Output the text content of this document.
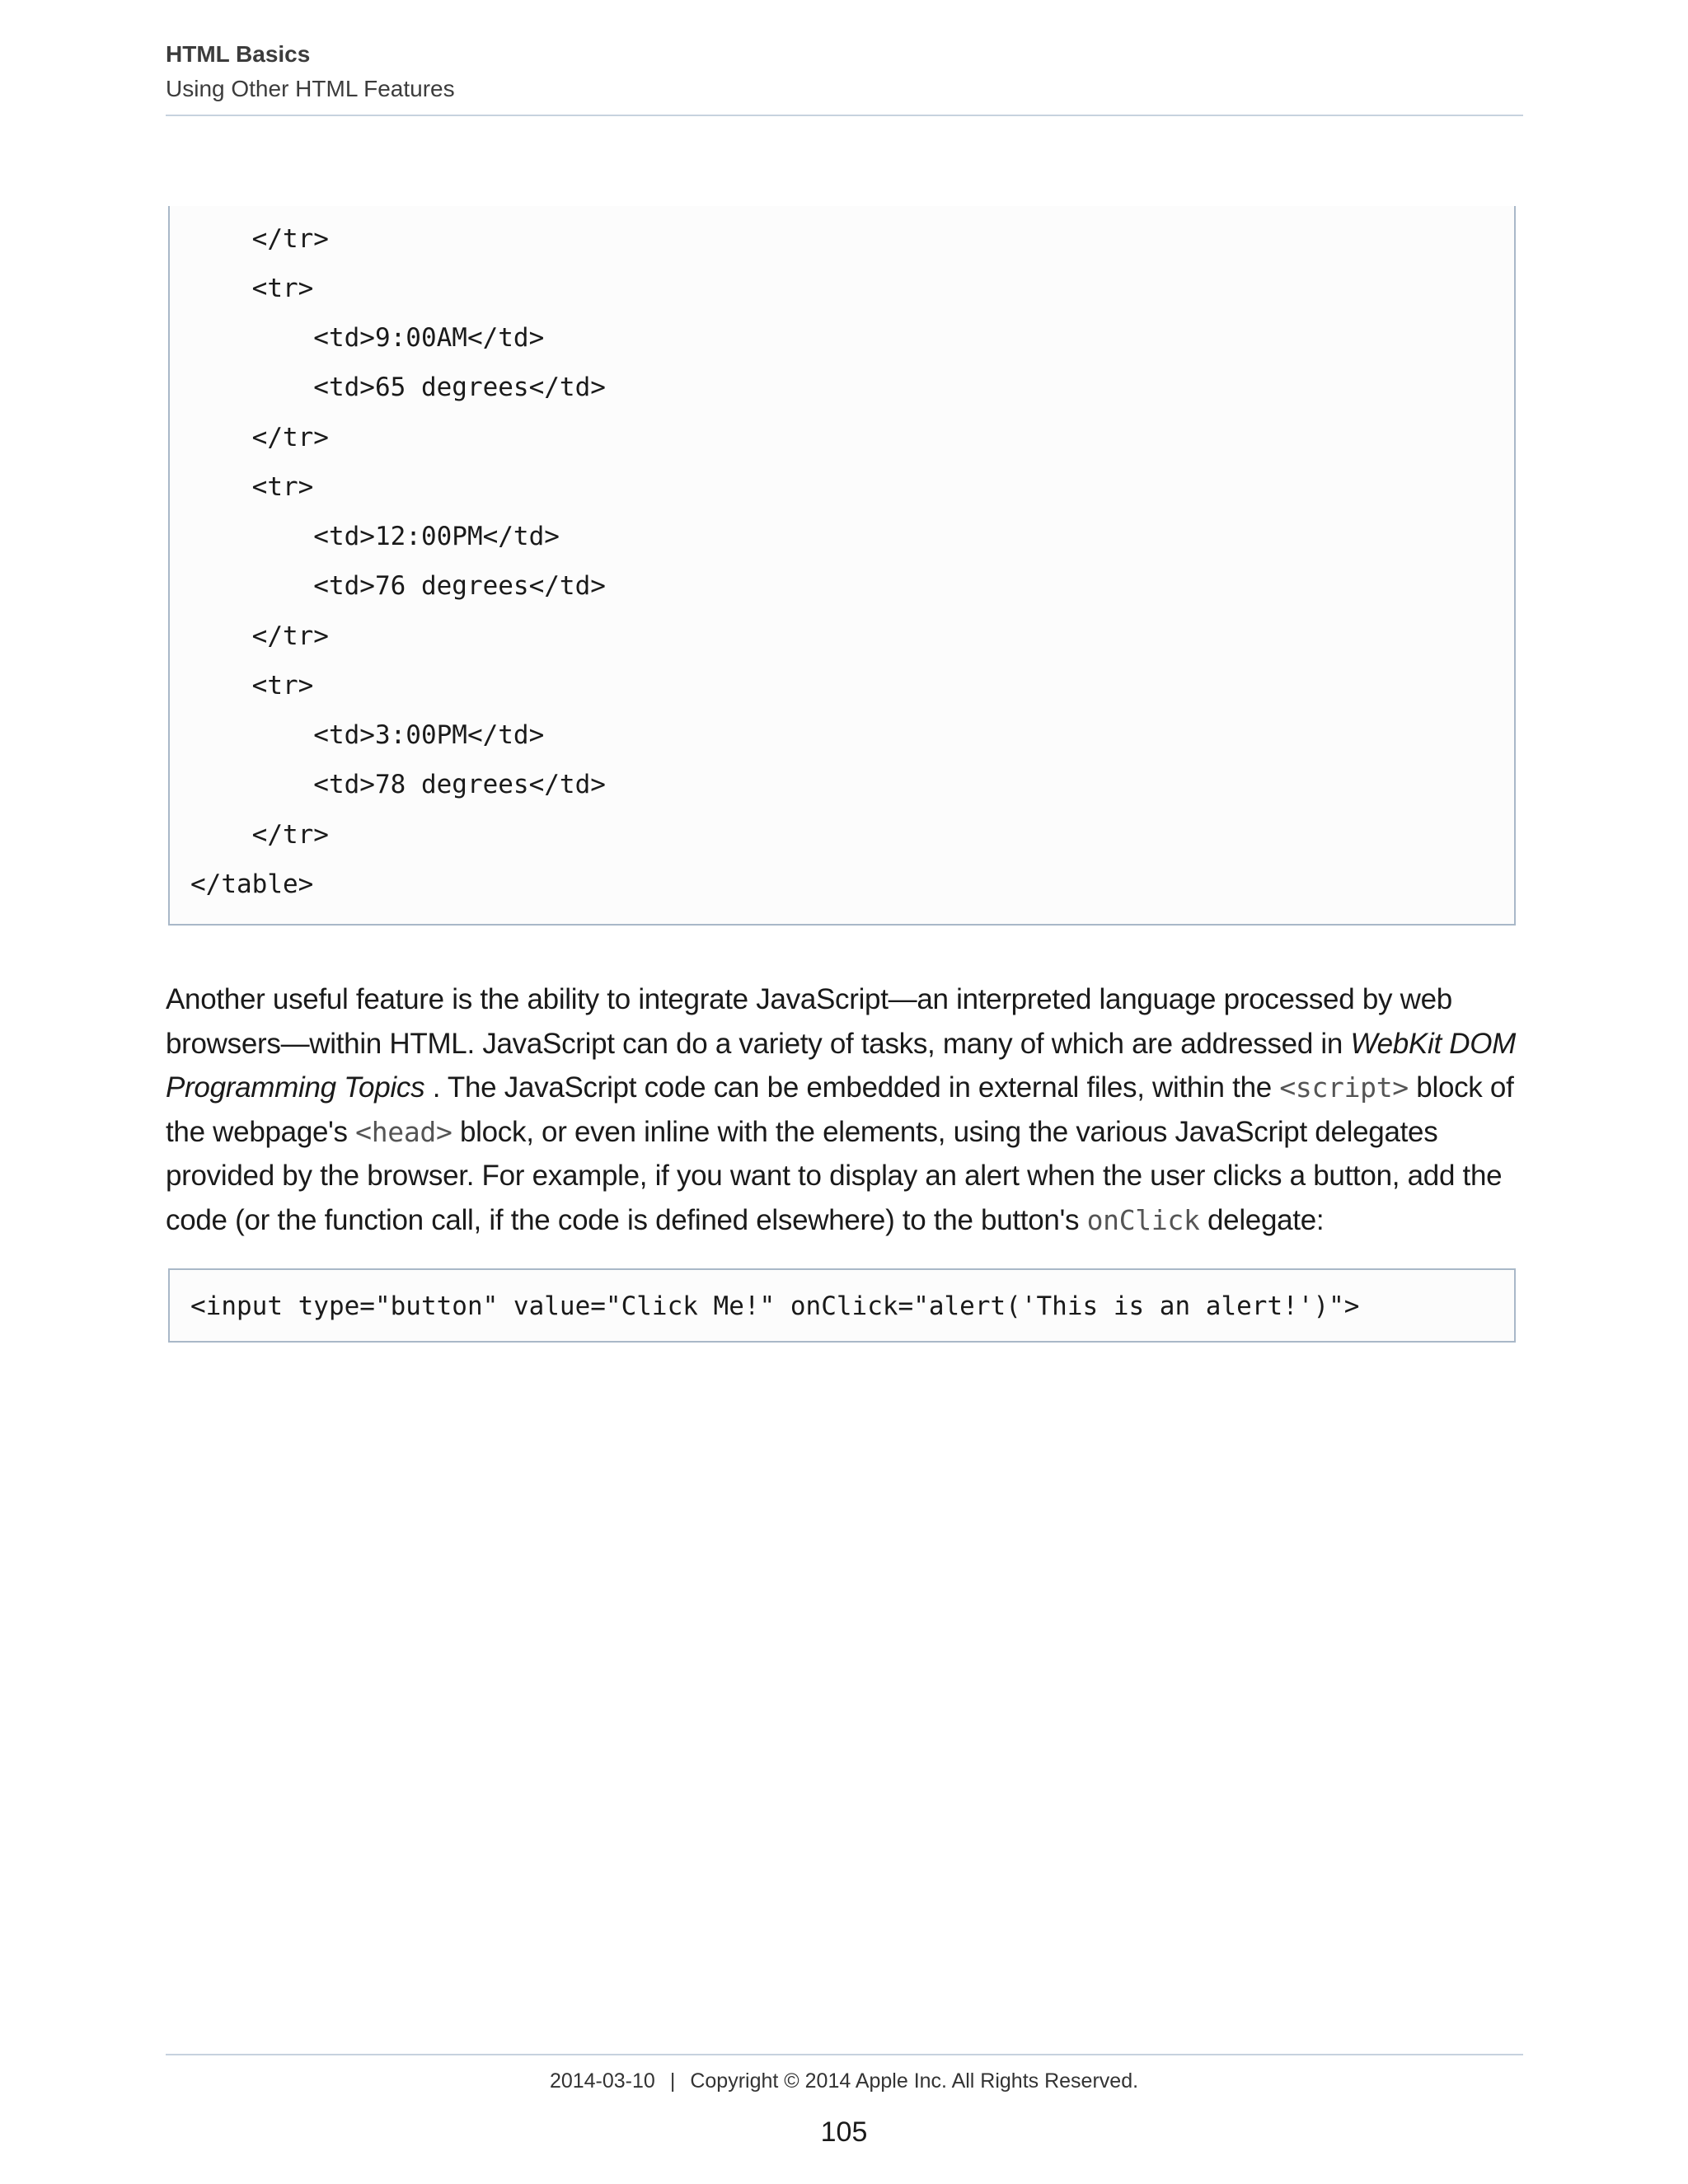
HTML Basics
Using Other HTML Features
</tr>
<tr>
<td>9:00AM</td>
<td>65 degrees</td>
</tr>
<tr>
<td>12:00PM</td>
<td>76 degrees</td>
</tr>
<tr>
<td>3:00PM</td>
<td>78 degrees</td>
</tr>
</table>
Another useful feature is the ability to integrate JavaScript—an interpreted language processed by web browsers—within HTML. JavaScript can do a variety of tasks, many of which are addressed in WebKit DOM Programming Topics . The JavaScript code can be embedded in external files, within the <script> block of the webpage's <head> block, or even inline with the elements, using the various JavaScript delegates provided by the browser. For example, if you want to display an alert when the user clicks a button, add the code (or the function call, if the code is defined elsewhere) to the button's onClick delegate:
<input type="button" value="Click Me!" onClick="alert('This is an alert!')">
2014-03-10 | Copyright © 2014 Apple Inc. All Rights Reserved.
105
